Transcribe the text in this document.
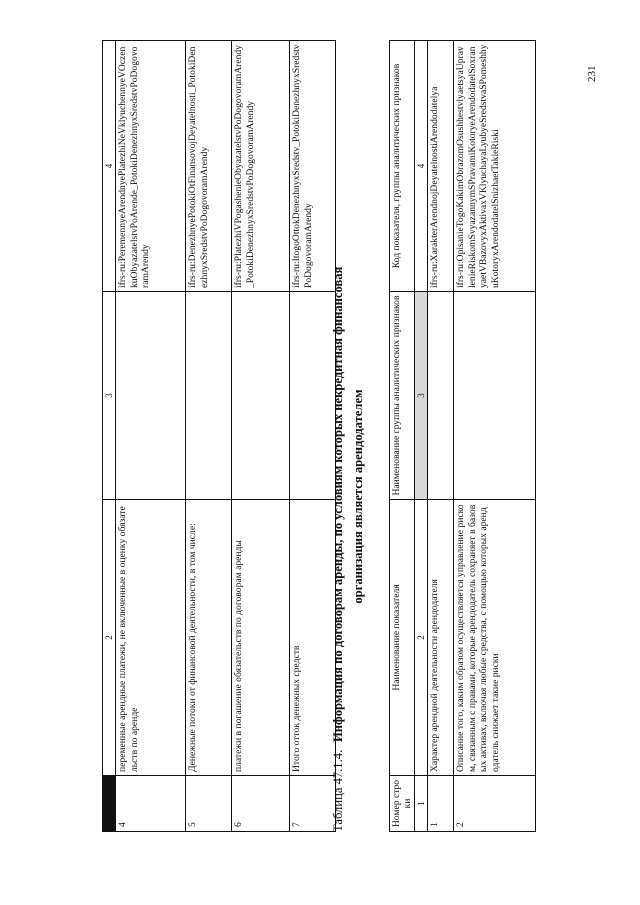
231
	2	3	4
4	переменные арендные платежи, не включенные в оценку обязательств по аренде		ifrs-ru:PeremennyeArendnyePlatezhiNeVklyuchennyeVOczenkuObyazatelstvPoArende_PotokiDenezhnyxSredstvPoDogovoramArendy
5	Денежные потоки от финансовой деятельности, в том числе:		ifrs-ru:DenezhnyePotokiOtFinansovojDeyatelnosti_PotokiDenezhnyxSredstvPoDogovoramArendy
6	платежи в погашение обязательств по договорам аренды		ifrs-ru:PlatezhiVPogashenieObyazatelstvPoDogovoramArendy_PotokiDenezhnyxSredstvPoDogovoramArendy
7	Итого отток денежных средств		ifrs-ru:ItogoOttokDenezhnyxSredstv_PotokiDenezhnyxSredstvPoDogovoramArendy
Таблица 47.1.4.Информация по договорам аренды, по условиям которых некредитная финансовая организация является арендодателем
Номер строки	Наименование показателя	Наименование группы аналитических признаков	Код показателя, группы аналитических признаков
1	2	3	4
1	Характер арендной деятельности арендодателя		ifrs-ru:XarakterArendnojDeyatelnostiArendodatelya
2	Описание того, каким образом осуществляется управление риском, связанным с правами, которые арендодатель сохраняет в базовых активах, включая любые средства, с помощью которых арендодатель снижает такие риски		ifrs-ru:OpisanieTogoKakimObrazomOsushhestvlyaetsyaUpravlenieRiskomSvyazannymSPravamiKotoryeArendodatelSoxranyaetVBazovyxAktivaxVKlyuchayaLyubyeSredstvaSPomeshhyuKotoryxArendodatelSnizhaetTakieRiski
